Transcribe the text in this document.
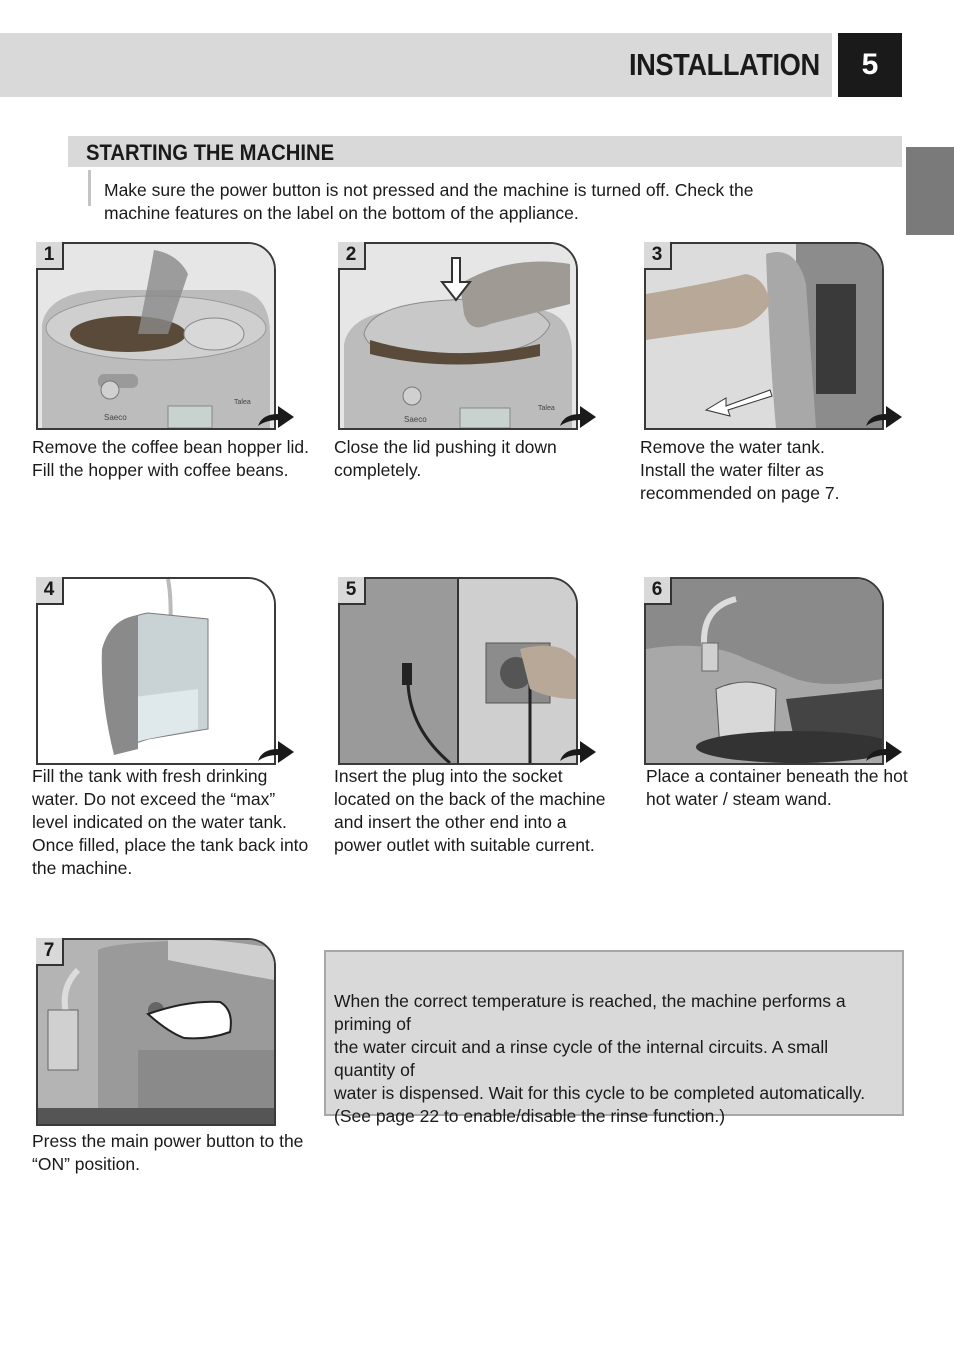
INSTALLATION	5
STARTING THE MACHINE
Make sure the power button is not pressed and the machine is turned off. Check the machine features on the label on the bottom of the appliance.
Saeco
Talea
1
Remove the coffee bean hopper lid.
Fill the hopper with coffee beans.
Saeco
Talea
2
Close the lid pushing it down
completely.
3
Remove the water tank.
Install the water filter as
recommended on page 7.
4
Fill the tank with fresh drinking
water. Do not exceed the “max”
level indicated on the water tank.
Once filled, place the tank back into
the machine.
5
Insert the plug into the socket
located on the back of the machine
and insert the other end into a
power outlet with suitable current.
6
Place a container beneath the hot
hot water / steam wand.
7
Press the main power button to the
“ON” position.
When the correct temperature is reached, the machine performs a priming of
the water circuit and a rinse cycle of the internal circuits. A small quantity of
water is dispensed. Wait for this cycle to be completed automatically.
(See page 22 to enable/disable the rinse function.)
